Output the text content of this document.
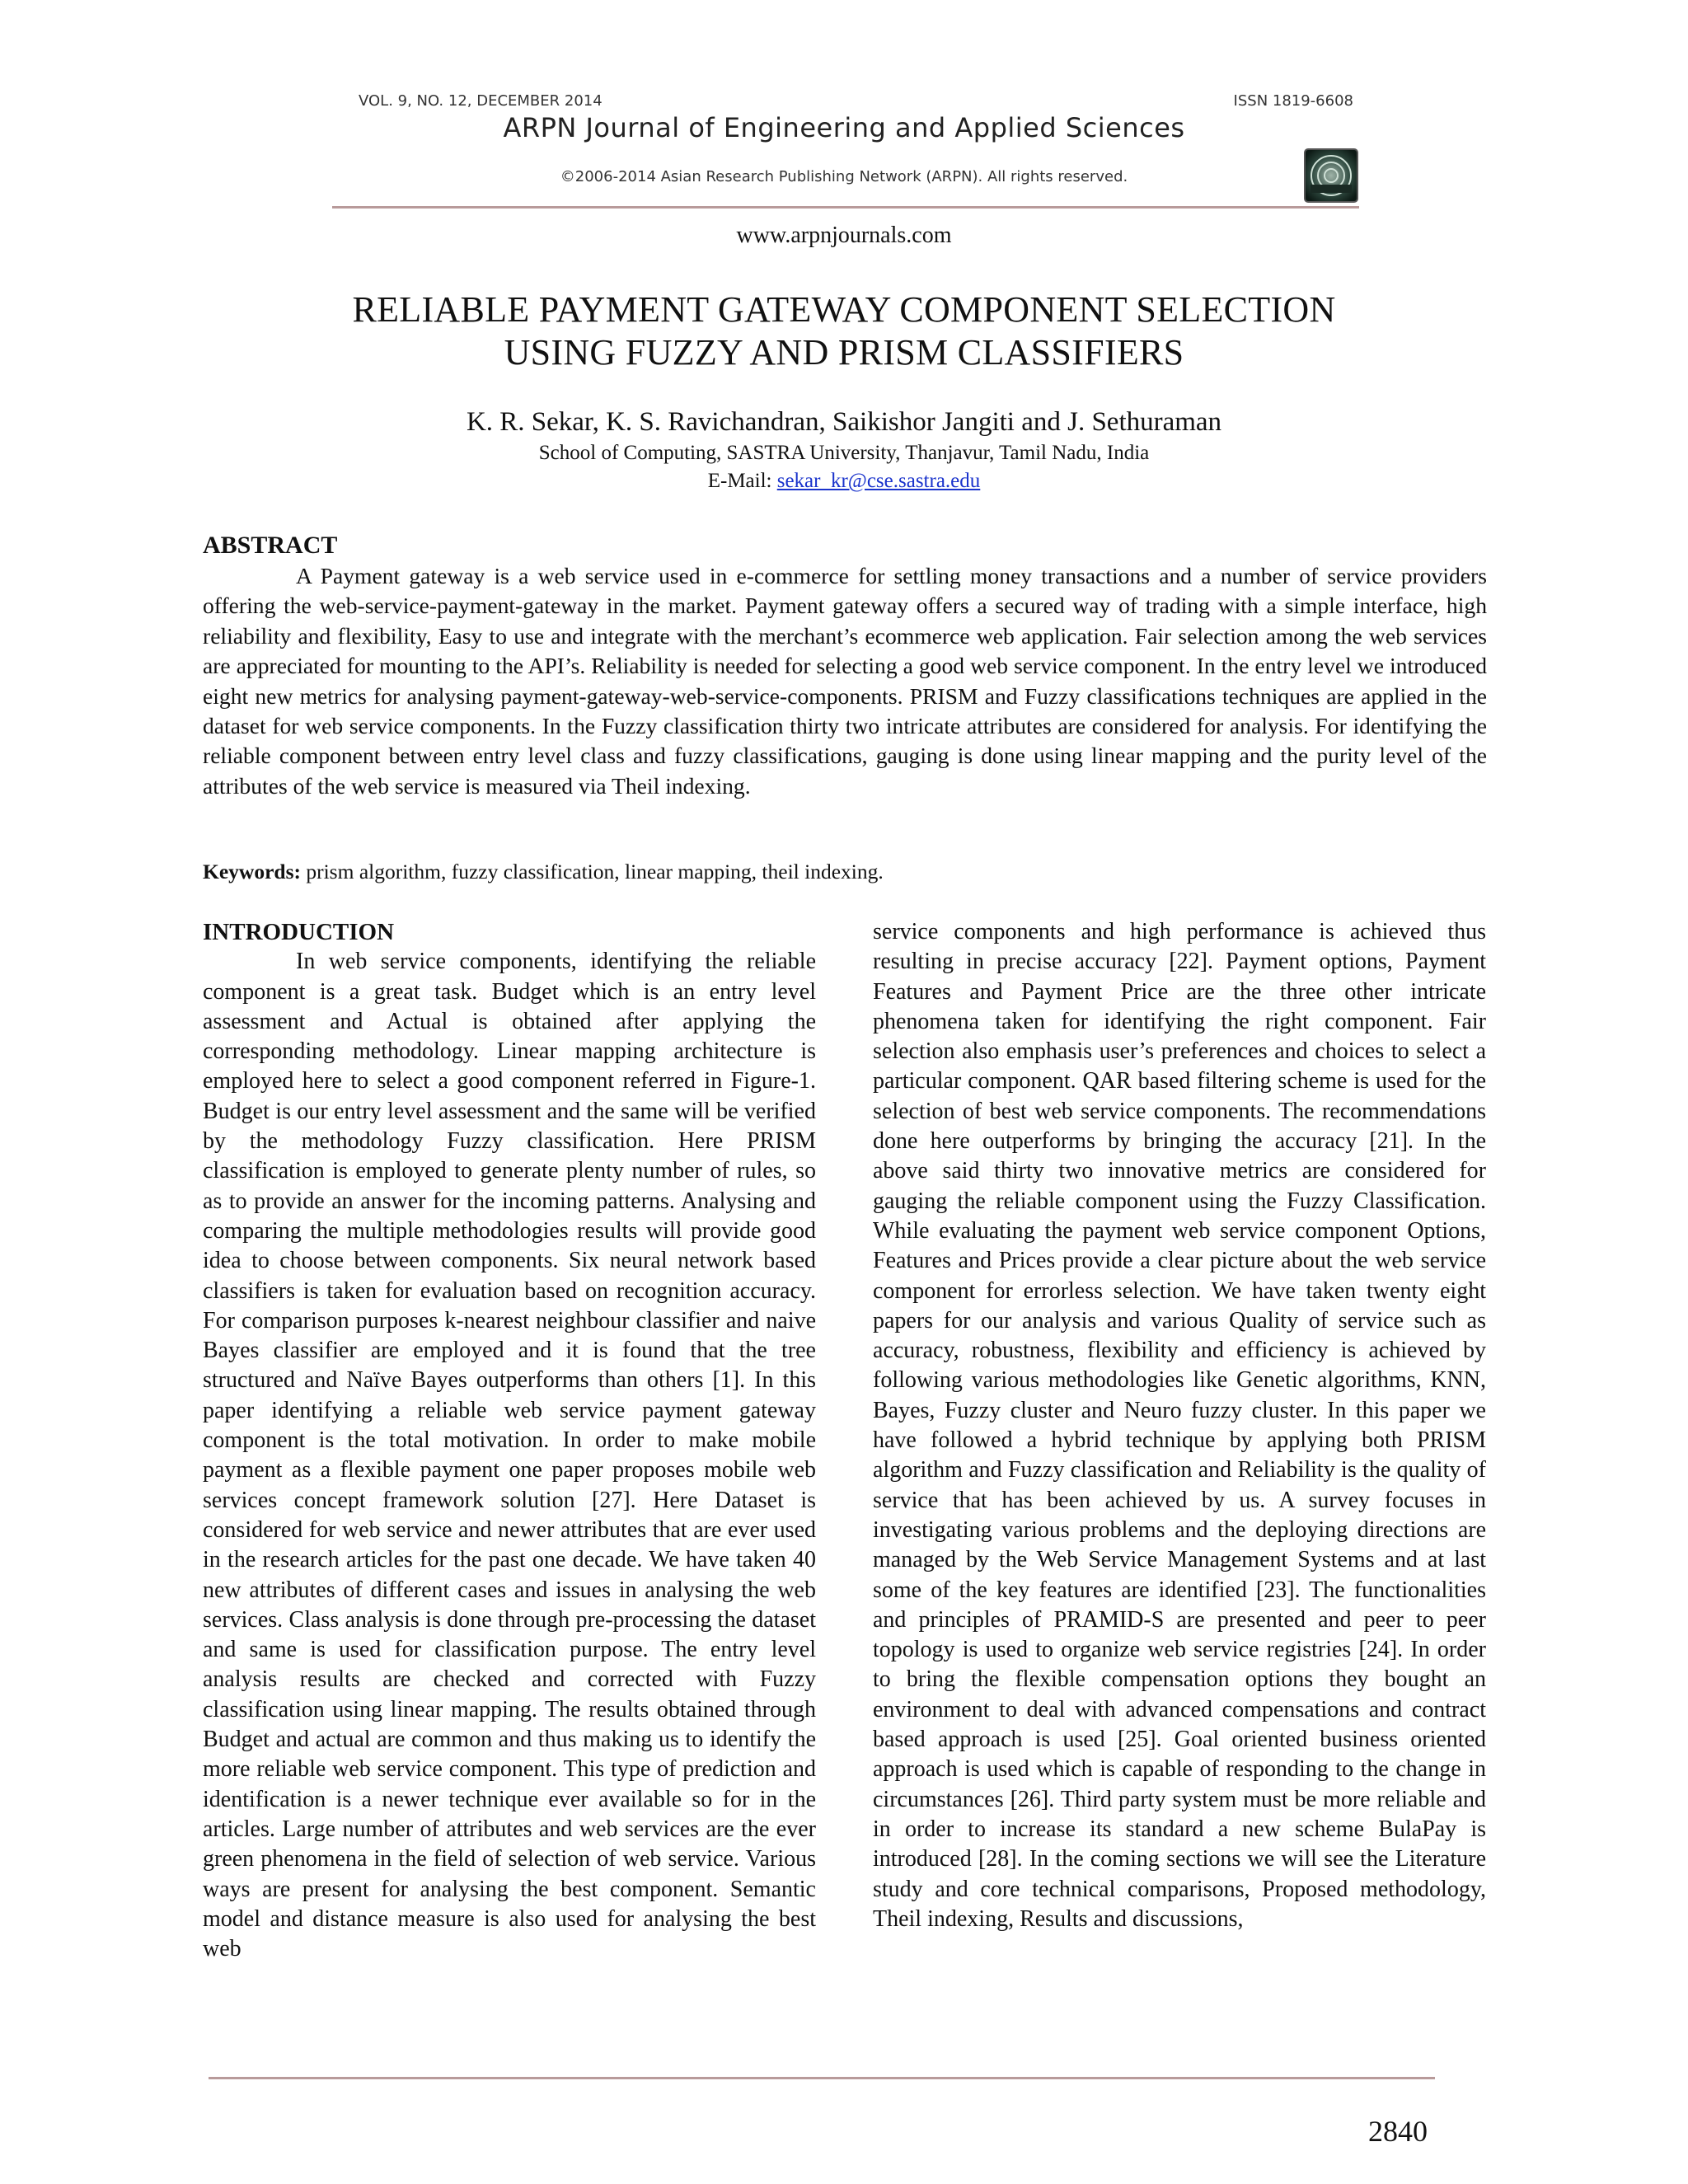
VOL. 9, NO. 12, DECEMBER 2014	ISSN 1819-6608
ARPN Journal of Engineering and Applied Sciences
©2006-2014 Asian Research Publishing Network (ARPN). All rights reserved.
www.arpnjournals.com
RELIABLE PAYMENT GATEWAY COMPONENT SELECTION
USING FUZZY AND PRISM CLASSIFIERS
K. R. Sekar, K. S. Ravichandran, Saikishor Jangiti and J. Sethuraman
School of Computing, SASTRA University, Thanjavur, Tamil Nadu, India
E-Mail: sekar_kr@cse.sastra.edu
ABSTRACT

A Payment gateway is a web service used in e-commerce for settling money transactions and a number of service providers offering the web-service-payment-gateway in the market. Payment gateway offers a secured way of trading with a simple interface, high reliability and flexibility, Easy to use and integrate with the merchant’s ecommerce web application. Fair selection among the web services are appreciated for mounting to the API’s. Reliability is needed for selecting a good web service component. In the entry level we introduced eight new metrics for analysing payment-gateway-web-service-components. PRISM and Fuzzy classifications techniques are applied in the dataset for web service components. In the Fuzzy classification thirty two intricate attributes are considered for analysis. For identifying the reliable component between entry level class and fuzzy classifications, gauging is done using linear mapping and the purity level of the attributes of the web service is measured via Theil indexing.

Keywords: prism algorithm, fuzzy classification, linear mapping, theil indexing.
INTRODUCTION

In web service components, identifying the reliable component is a great task. Budget which is an entry level assessment and Actual is obtained after applying the corresponding methodology. Linear mapping architecture is employed here to select a good component referred in Figure-1. Budget is our entry level assessment and the same will be verified by the methodology Fuzzy classification. Here PRISM classification is employed to generate plenty number of rules, so as to provide an answer for the incoming patterns. Analysing and comparing the multiple methodologies results will provide good idea to choose between components. Six neural network based classifiers is taken for evaluation based on recognition accuracy. For comparison purposes k-nearest neighbour classifier and naive Bayes classifier are employed and it is found that the tree structured and Naïve Bayes outperforms than others [1]. In this paper identifying a reliable web service payment gateway component is the total motivation. In order to make mobile payment as a flexible payment one paper proposes mobile web services concept framework solution [27]. Here Dataset is considered for web service and newer attributes that are ever used in the research articles for the past one decade. We have taken 40 new attributes of different cases and issues in analysing the web services. Class analysis is done through pre-processing the dataset and same is used for classification purpose. The entry level analysis results are checked and corrected with Fuzzy classification using linear mapping. The results obtained through Budget and actual are common and thus making us to identify the more reliable web service component. This type of prediction and identification is a newer technique ever available so for in the articles. Large number of attributes and web services are the ever green phenomena in the field of selection of web service. Various ways are present for analysing the best component. Semantic model and distance measure is also used for analysing the best web

service components and high performance is achieved thus resulting in precise accuracy [22]. Payment options, Payment Features and Payment Price are the three other intricate phenomena taken for identifying the right component. Fair selection also emphasis user’s preferences and choices to select a particular component. QAR based filtering scheme is used for the selection of best web service components. The recommendations done here outperforms by bringing the accuracy [21]. In the above said thirty two innovative metrics are considered for gauging the reliable component using the Fuzzy Classification. While evaluating the payment web service component Options, Features and Prices provide a clear picture about the web service component for errorless selection. We have taken twenty eight papers for our analysis and various Quality of service such as accuracy, robustness, flexibility and efficiency is achieved by following various methodologies like Genetic algorithms, KNN, Bayes, Fuzzy cluster and Neuro fuzzy cluster. In this paper we have followed a hybrid technique by applying both PRISM algorithm and Fuzzy classification and Reliability is the quality of service that has been achieved by us. A survey focuses in investigating various problems and the deploying directions are managed by the Web Service Management Systems and at last some of the key features are identified [23]. The functionalities and principles of PRAMID-S are presented and peer to peer topology is used to organize web service registries [24]. In order to bring the flexible compensation options they bought an environment to deal with advanced compensations and contract based approach is used [25]. Goal oriented business oriented approach is used which is capable of responding to the change in circumstances [26]. Third party system must be more reliable and in order to increase its standard a new scheme BulaPay is introduced [28]. In the coming sections we will see the Literature study and core technical comparisons, Proposed methodology, Theil indexing, Results and discussions,

2840
